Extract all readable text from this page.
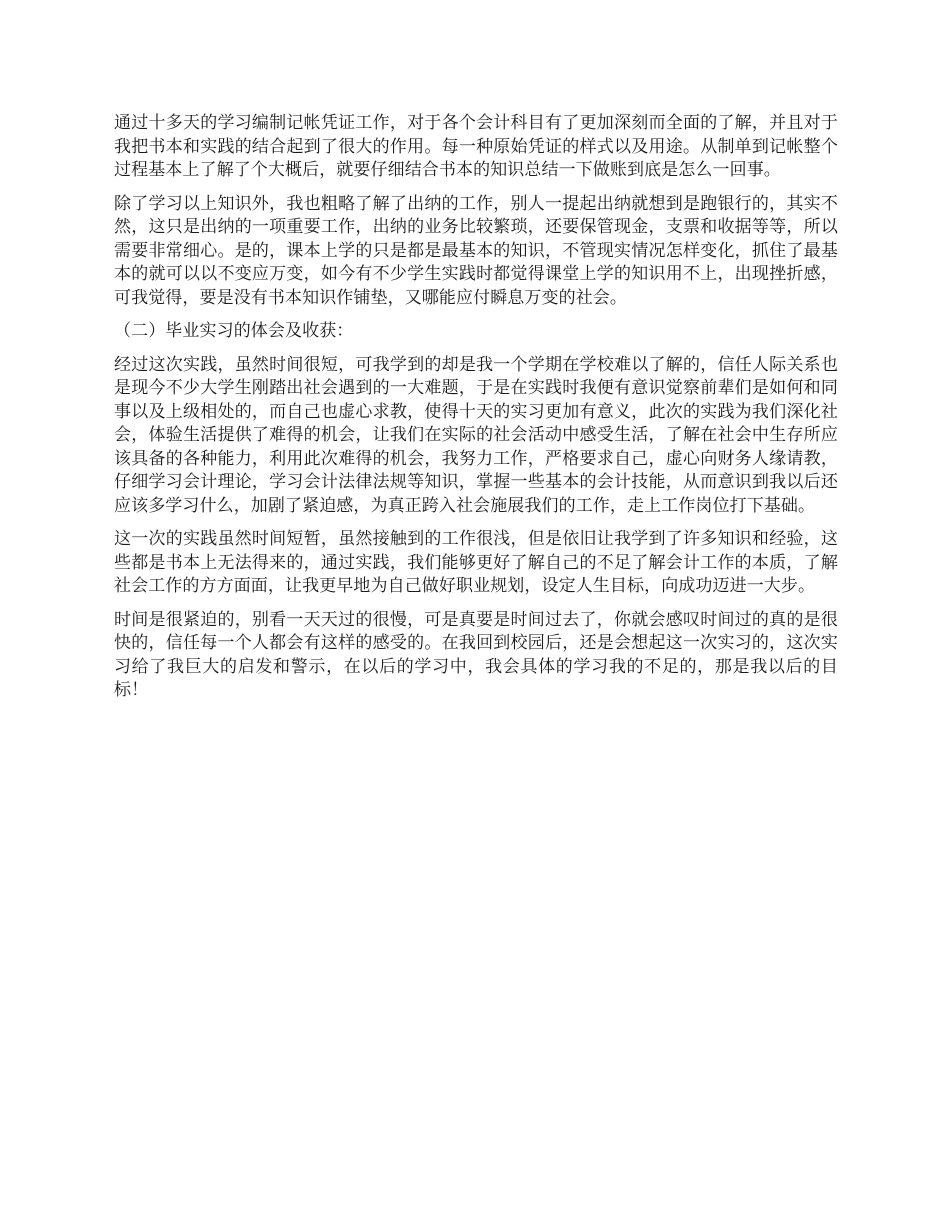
通过十多天的学习编制记帐凭证工作，对于各个会计科目有了更加深刻而全面的了解，并且对于我把书本和实践的结合起到了很大的作用。每一种原始凭证的样式以及用途。从制单到记帐整个过程基本上了解了个大概后，就要仔细结合书本的知识总结一下做账到底是怎么一回事。

除了学习以上知识外，我也粗略了解了出纳的工作，别人一提起出纳就想到是跑银行的，其实不然，这只是出纳的一项重要工作，出纳的业务比较繁琐，还要保管现金，支票和收据等等，所以需要非常细心。是的，课本上学的只是都是最基本的知识，不管现实情况怎样变化，抓住了最基本的就可以以不变应万变，如今有不少学生实践时都觉得课堂上学的知识用不上，出现挫折感，可我觉得，要是没有书本知识作铺垫，又哪能应付瞬息万变的社会。

（二）毕业实习的体会及收获：

经过这次实践，虽然时间很短，可我学到的却是我一个学期在学校难以了解的，信任人际关系也是现今不少大学生刚踏出社会遇到的一大难题，于是在实践时我便有意识觉察前辈们是如何和同事以及上级相处的，而自己也虚心求教，使得十天的实习更加有意义，此次的实践为我们深化社会，体验生活提供了难得的机会，让我们在实际的社会活动中感受生活，了解在社会中生存所应该具备的各种能力，利用此次难得的机会，我努力工作，严格要求自己，虚心向财务人缘请教，仔细学习会计理论，学习会计法律法规等知识，掌握一些基本的会计技能，从而意识到我以后还应该多学习什么，加剧了紧迫感，为真正跨入社会施展我们的工作，走上工作岗位打下基础。

这一次的实践虽然时间短暂，虽然接触到的工作很浅，但是依旧让我学到了许多知识和经验，这些都是书本上无法得来的，通过实践，我们能够更好了解自己的不足了解会计工作的本质，了解社会工作的方方面面，让我更早地为自己做好职业规划，设定人生目标，向成功迈进一大步。

时间是很紧迫的，别看一天天过的很慢，可是真要是时间过去了，你就会感叹时间过的真的是很快的，信任每一个人都会有这样的感受的。在我回到校园后，还是会想起这一次实习的，这次实习给了我巨大的启发和警示，在以后的学习中，我会具体的学习我的不足的，那是我以后的目标！
